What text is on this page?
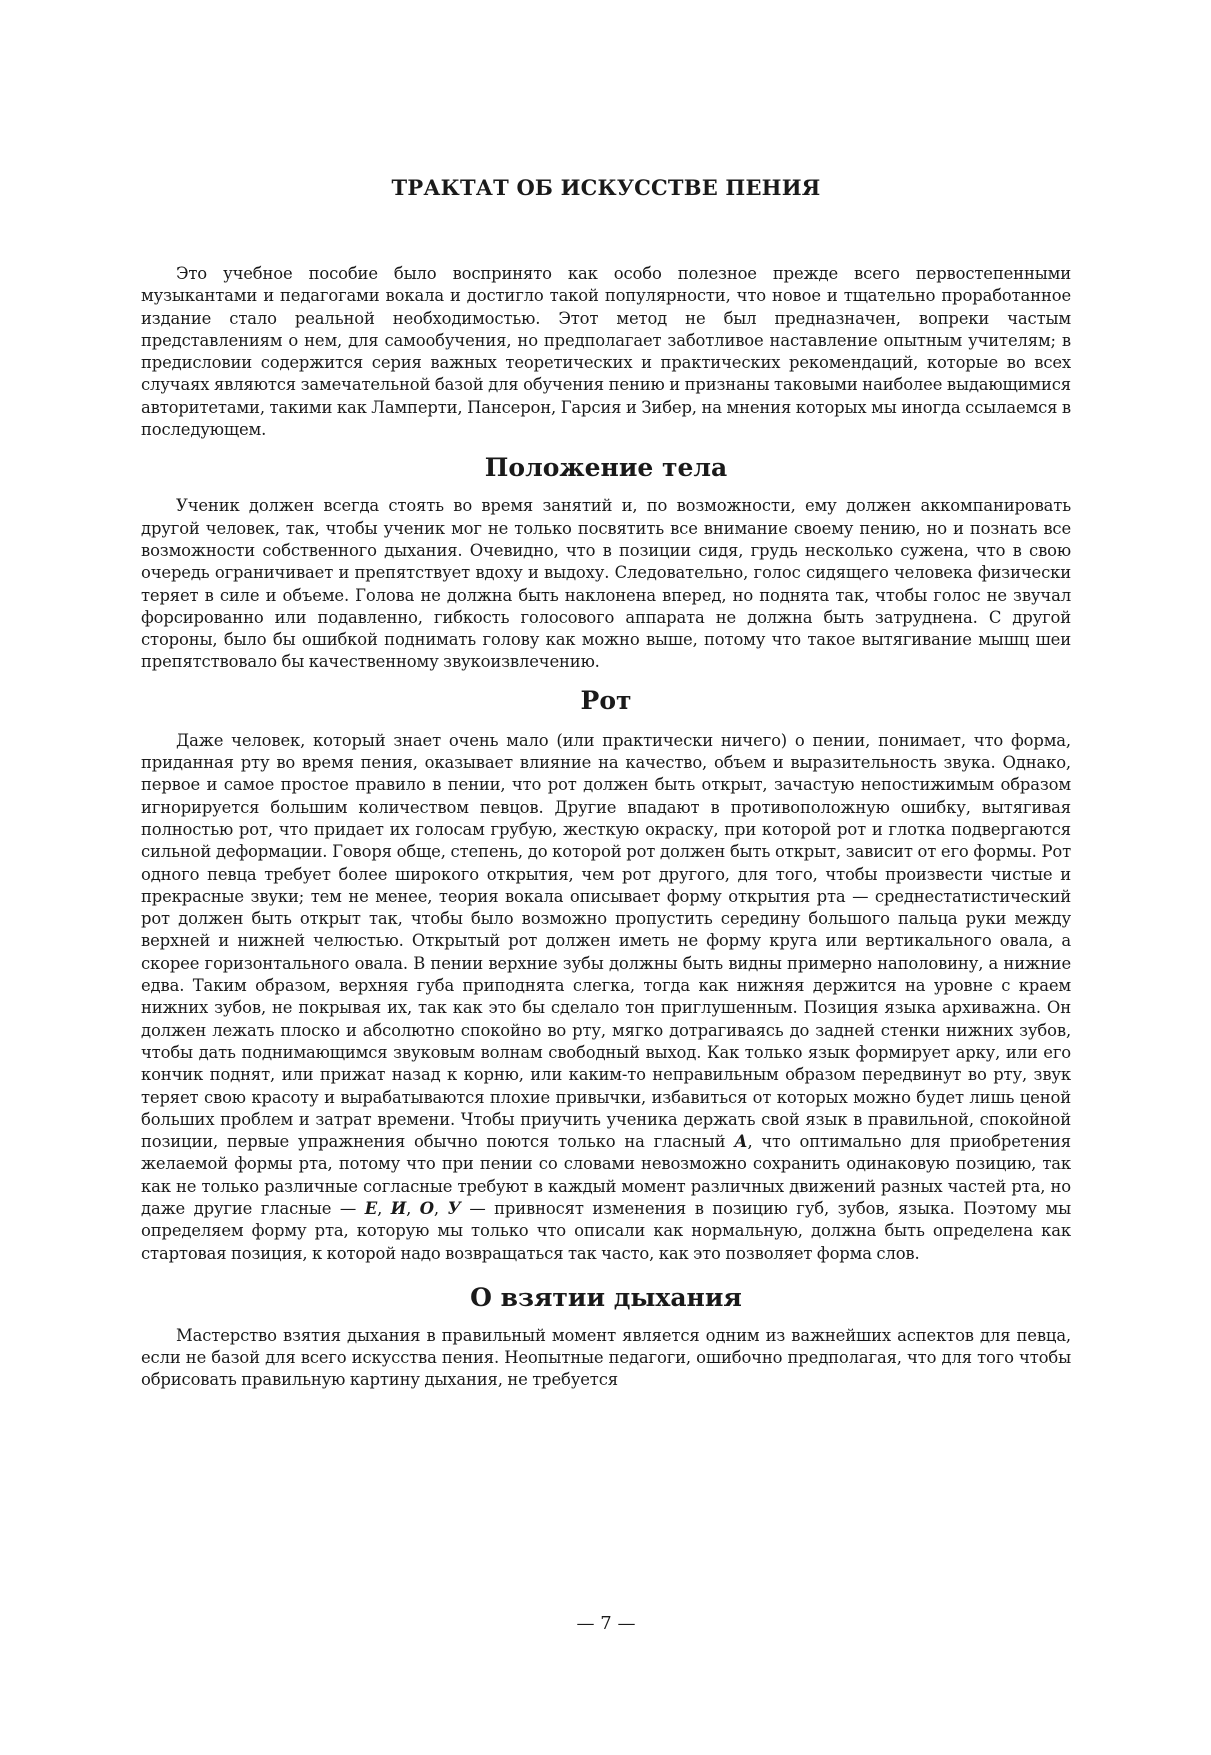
ТРАКТАТ ОБ ИСКУССТВЕ ПЕНИЯ

Это учебное пособие было воспринято как особо полезное прежде всего первостепенными музыкантами и педагогами вокала и достигло такой популярности, что новое и тщательно проработанное издание стало реальной необходимостью. Этот метод не был предназначен, вопреки частым представлениям о нем, для самообучения, но предполагает заботливое наставление опытным учителям; в предисловии содержится серия важных теоретических и практических рекомендаций, которые во всех случаях являются замечательной базой для обучения пению и признаны таковыми наиболее выдающимися авторитетами, такими как Ламперти, Пансерон, Гарсия и Зибер, на мнения которых мы иногда ссылаемся в последующем.

Положение тела

Ученик должен всегда стоять во время занятий и, по возможности, ему должен аккомпанировать другой человек, так, чтобы ученик мог не только посвятить все внимание своему пению, но и познать все возможности собственного дыхания. Очевидно, что в позиции сидя, грудь несколько сужена, что в свою очередь ограничивает и препятствует вдоху и выдоху. Следовательно, голос сидящего человека физически теряет в силе и объеме. Голова не должна быть наклонена вперед, но поднята так, чтобы голос не звучал форсированно или подавленно, гибкость голосового аппарата не должна быть затруднена. С другой стороны, было бы ошибкой поднимать голову как можно выше, потому что такое вытягивание мышц шеи препятствовало бы качественному звукоизвлечению.

Рот

Даже человек, который знает очень мало (или практически ничего) о пении, понимает, что форма, приданная рту во время пения, оказывает влияние на качество, объем и выразительность звука. Однако, первое и самое простое правило в пении, что рот должен быть открыт, зачастую непостижимым образом игнорируется большим количеством певцов. Другие впадают в противоположную ошибку, вытягивая полностью рот, что придает их голосам грубую, жесткую окраску, при которой рот и глотка подвергаются сильной деформации. Говоря обще, степень, до которой рот должен быть открыт, зависит от его формы. Рот одного певца требует более широкого открытия, чем рот другого, для того, чтобы произвести чистые и прекрасные звуки; тем не менее, теория вокала описывает форму открытия рта — среднестатистический рот должен быть открыт так, чтобы было возможно пропустить середину большого пальца руки между верхней и нижней челюстью. Открытый рот должен иметь не форму круга или вертикального овала, а скорее горизонтального овала. В пении верхние зубы должны быть видны примерно наполовину, а нижние едва. Таким образом, верхняя губа приподнята слегка, тогда как нижняя держится на уровне с краем нижних зубов, не покрывая их, так как это бы сделало тон приглушенным. Позиция языка архиважна. Он должен лежать плоско и абсолютно спокойно во рту, мягко дотрагиваясь до задней стенки нижних зубов, чтобы дать поднимающимся звуковым волнам свободный выход. Как только язык формирует арку, или его кончик поднят, или прижат назад к корню, или каким-то неправильным образом передвинут во рту, звук теряет свою красоту и вырабатываются плохие привычки, избавиться от которых можно будет лишь ценой больших проблем и затрат времени. Чтобы приучить ученика держать свой язык в правильной, спокойной позиции, первые упражнения обычно поются только на гласный А, что оптимально для приобретения желаемой формы рта, потому что при пении со словами невозможно сохранить одинаковую позицию, так как не только различные согласные требуют в каждый момент различных движений разных частей рта, но даже другие гласные — Е, И, О, У — привносят изменения в позицию губ, зубов, языка. Поэтому мы определяем форму рта, которую мы только что описали как нормальную, должна быть определена как стартовая позиция, к которой надо возвращаться так часто, как это позволяет форма слов.

О взятии дыхания

Мастерство взятия дыхания в правильный момент является одним из важнейших аспектов для певца, если не базой для всего искусства пения. Неопытные педагоги, ошибочно предполагая, что для того чтобы обрисовать правильную картину дыхания, не требуется

— 7 —
